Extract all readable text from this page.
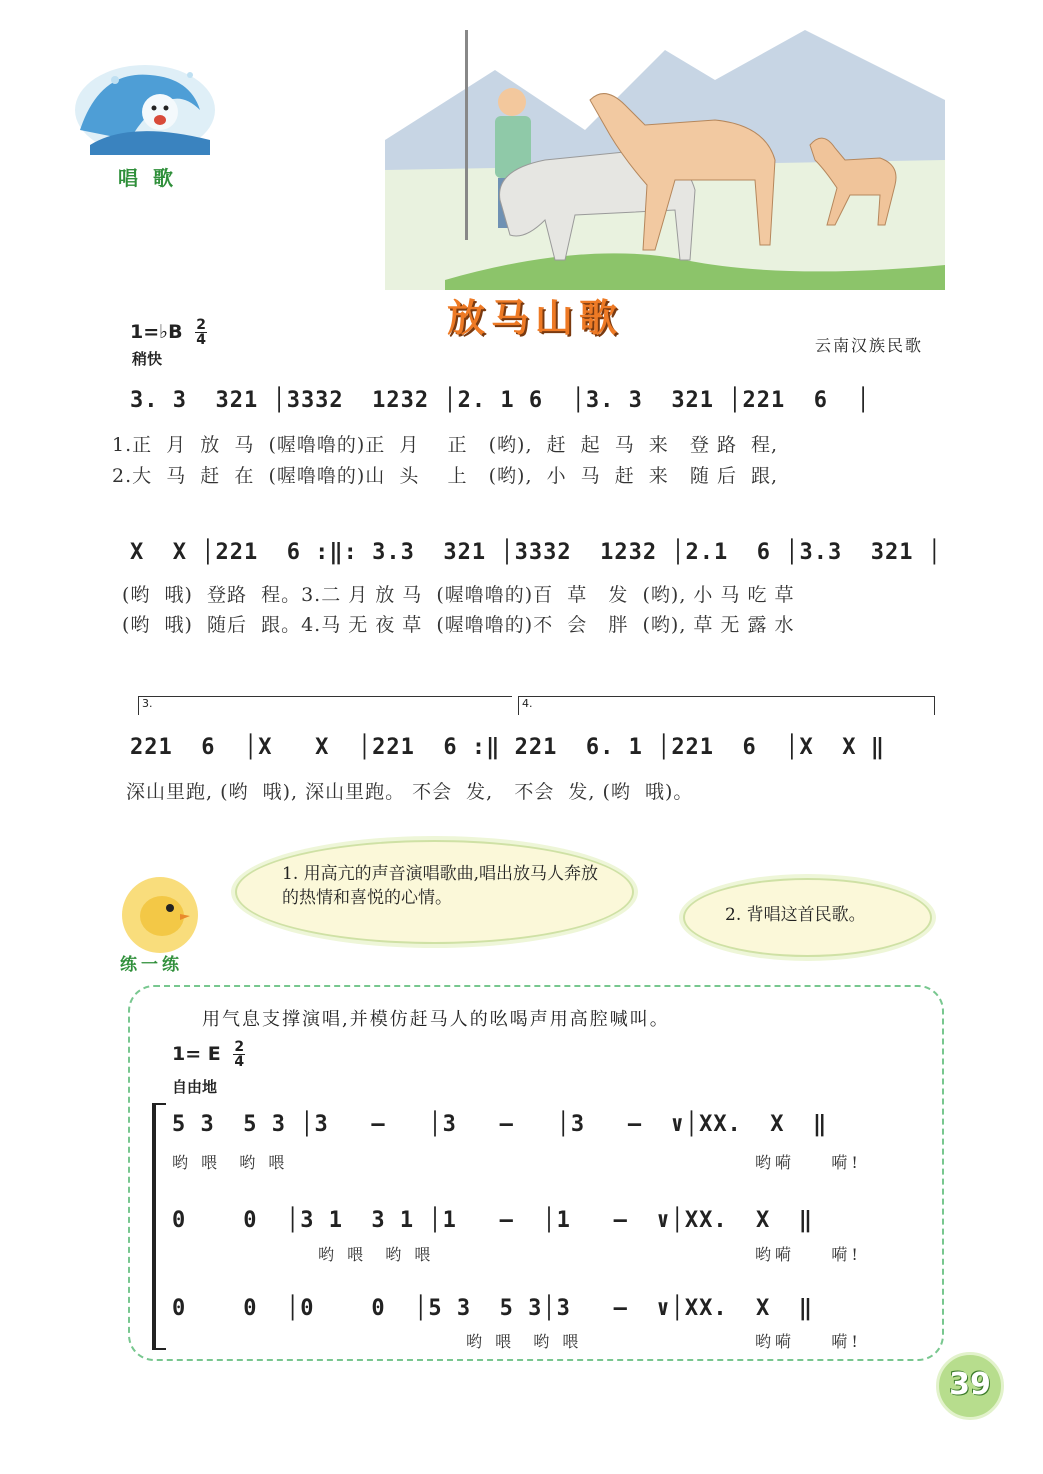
唱 歌
放马山歌
1=♭B $\frac{2}{4}$
稍快
云南汉族民歌
3. 3  321 │3332  1232 │2. 1 6  │3. 3  321 │221  6  │
1.正  月  放  马  (喔噜噜的)正  月    正   (哟),  赶  起  马  来   登 路  程,
2.大  马  赶  在  (喔噜噜的)山  头    上   (哟),  小  马  赶  来   随 后  跟,
X  X │221  6 :‖: 3.3  321 │3332  1232 │2.1  6 │3.3  321 │
(哟  哦)  登路  程。3.二 月 放 马  (喔噜噜的)百  草   发  (哟), 小 马 吃 草
(哟  哦)  随后  跟。4.马 无 夜 草  (喔噜噜的)不  会   胖  (哟), 草 无 露 水
3.	4.
221  6  │X   X  │221  6 :‖ 221  6. 1 │221  6  │X  X ‖
深山里跑, (哟  哦), 深山里跑。 不会  发,   不会  发, (哟  哦)。
1. 用高亢的声音演唱歌曲,唱出放马人奔放的热情和喜悦的心情。
2. 背唱这首民歌。
练一练
用气息支撑演唱,并模仿赶马人的吆喝声用高腔喊叫。
1= E $\frac{2}{4}$
自由地
5 3  5 3 │3   –   │3   –   │3   –  ∨│XX.  X  ‖
哟 喂  哟 喂	哟嗬    嗬!
0    0  │3 1  3 1 │1   –  │1   –  ∨│XX.  X  ‖
哟 喂  哟 喂	哟嗬    嗬!
0    0  │0    0  │5 3  5 3│3   –  ∨│XX.  X  ‖
哟 喂  哟 喂	哟嗬    嗬!
39
